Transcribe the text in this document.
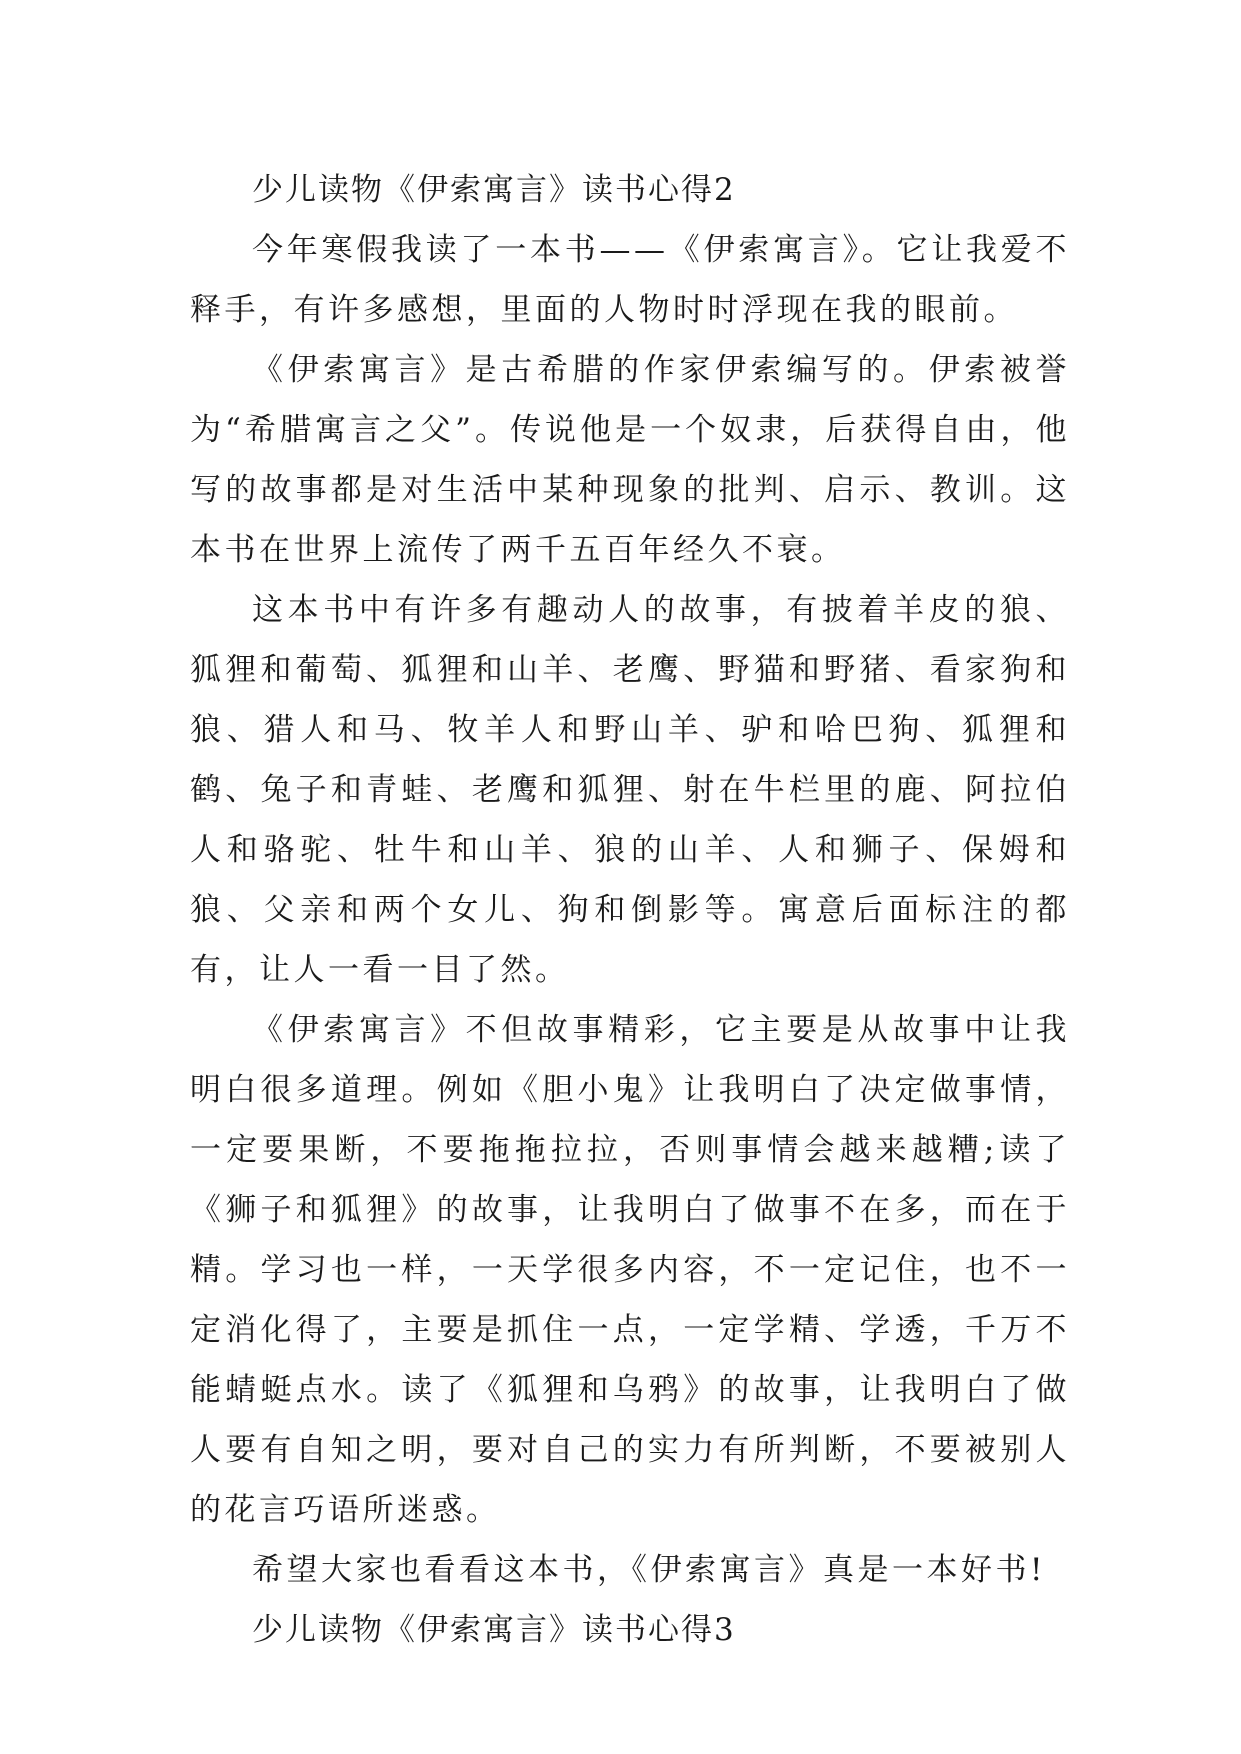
少儿读物《伊索寓言》读书心得2

今年寒假我读了一本书——《伊索寓言》。它让我爱不释手，有许多感想，里面的人物时时浮现在我的眼前。

《伊索寓言》是古希腊的作家伊索编写的。伊索被誉为“希腊寓言之父”。传说他是一个奴隶，后获得自由，他写的故事都是对生活中某种现象的批判、启示、教训。这本书在世界上流传了两千五百年经久不衰。

这本书中有许多有趣动人的故事，有披着羊皮的狼、狐狸和葡萄、狐狸和山羊、老鹰、野猫和野猪、看家狗和狼、猎人和马、牧羊人和野山羊、驴和哈巴狗、狐狸和鹤、兔子和青蛙、老鹰和狐狸、射在牛栏里的鹿、阿拉伯人和骆驼、牡牛和山羊、狼的山羊、人和狮子、保姆和狼、父亲和两个女儿、狗和倒影等。寓意后面标注的都有，让人一看一目了然。

《伊索寓言》不但故事精彩，它主要是从故事中让我明白很多道理。例如《胆小鬼》让我明白了决定做事情，一定要果断，不要拖拖拉拉，否则事情会越来越糟;读了《狮子和狐狸》的故事，让我明白了做事不在多，而在于精。学习也一样，一天学很多内容，不一定记住，也不一定消化得了，主要是抓住一点，一定学精、学透，千万不能蜻蜓点水。读了《狐狸和乌鸦》的故事，让我明白了做人要有自知之明，要对自己的实力有所判断，不要被别人的花言巧语所迷惑。

希望大家也看看这本书，《伊索寓言》真是一本好书!

少儿读物《伊索寓言》读书心得3
